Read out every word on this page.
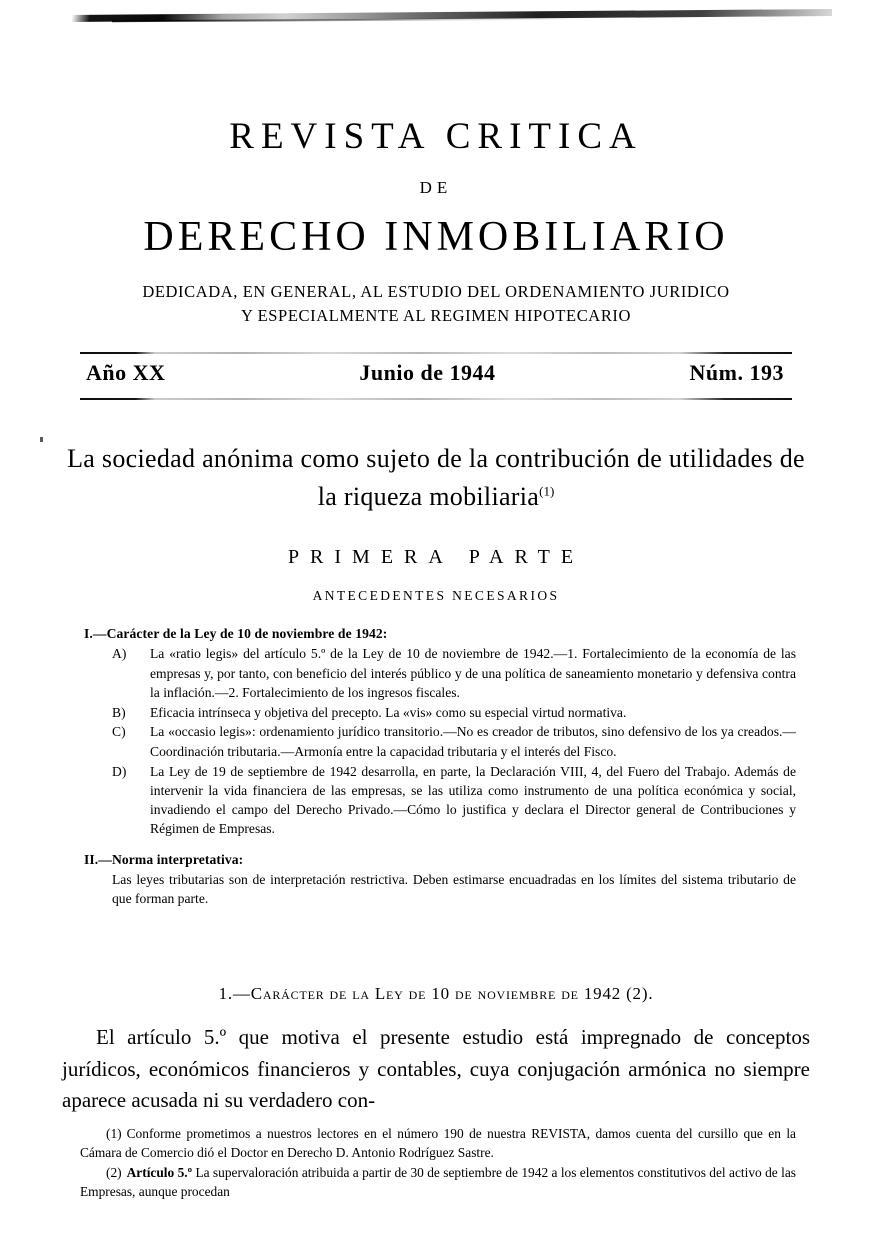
REVISTA CRITICA
DE
DERECHO INMOBILIARIO
DEDICADA, EN GENERAL, AL ESTUDIO DEL ORDENAMIENTO JURIDICO
Y ESPECIALMENTE AL REGIMEN HIPOTECARIO
Año XX	Junio de 1944	Núm. 193
La sociedad anónima como sujeto de la contribución de utilidades de la riqueza mobiliaria$^{(1)}$
PRIMERA PARTE
ANTECEDENTES NECESARIOS
I.—Carácter de la Ley de 10 de noviembre de 1942:
A) La «ratio legis» del artículo 5.º de la Ley de 10 de noviembre de 1942.—1. Fortalecimiento de la economía de las empresas y, por tanto, con beneficio del interés público y de una política de saneamiento monetario y defensiva contra la inflación.—2. Fortalecimiento de los ingresos fiscales.
B) Eficacia intrínseca y objetiva del precepto. La «vis» como su especial virtud normativa.
C) La «occasio legis»: ordenamiento jurídico transitorio.—No es creador de tributos, sino defensivo de los ya creados.—Coordinación tributaria.—Armonía entre la capacidad tributaria y el interés del Fisco.
D) La Ley de 19 de septiembre de 1942 desarrolla, en parte, la Declaración VIII, 4, del Fuero del Trabajo. Además de intervenir la vida financiera de las empresas, se las utiliza como instrumento de una política económica y social, invadiendo el campo del Derecho Privado.—Cómo lo justifica y declara el Director general de Contribuciones y Régimen de Empresas.
II.—Norma interpretativa:
Las leyes tributarias son de interpretación restrictiva. Deben estimarse encuadradas en los límites del sistema tributario de que forman parte.
1.—Carácter de la Ley de 10 de noviembre de 1942 (2).
El artículo 5.º que motiva el presente estudio está impregnado de conceptos jurídicos, económicos financieros y contables, cuya conjugación armónica no siempre aparece acusada ni su verdadero con-

(1) Conforme prometimos a nuestros lectores en el número 190 de nuestra REVISTA, damos cuenta del cursillo que en la Cámara de Comercio dió el Doctor en Derecho D. Antonio Rodríguez Sastre.

(2) Artículo 5.º La supervaloración atribuida a partir de 30 de septiembre de 1942 a los elementos constitutivos del activo de las Empresas, aunque procedan
